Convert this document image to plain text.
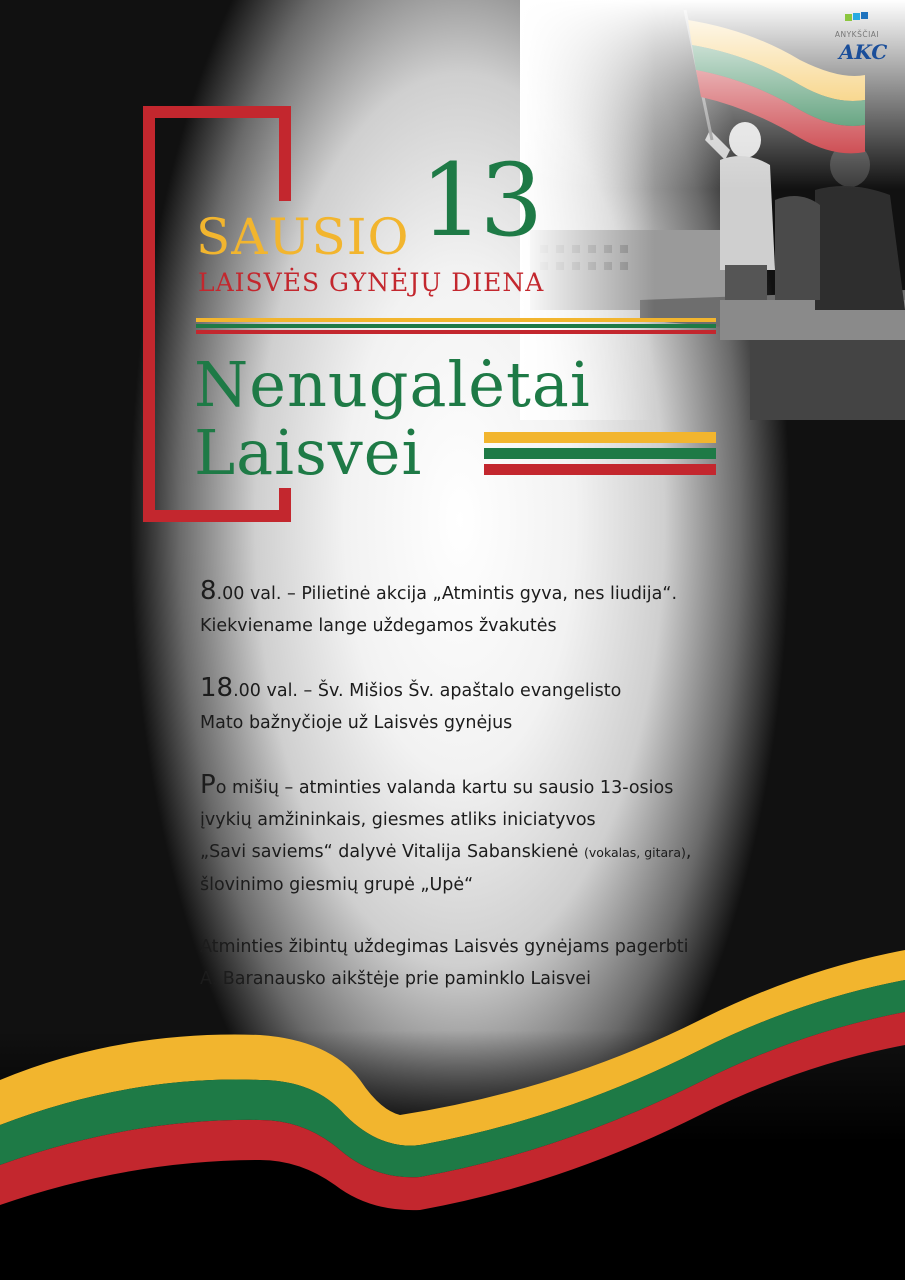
ANYKŠČIAI
AKC
SAUSIO 13
LAISVĖS GYNĖJŲ DIENA
Nenugalėtai
Laisvei

8.00 val. – Pilietinė akcija „Atmintis gyva, nes liudija“.
Kiekviename lange uždegamos žvakutės

18.00 val. – Šv. Mišios Šv. apaštalo evangelisto
Mato bažnyčioje už Laisvės gynėjus

Po mišių – atminties valanda kartu su sausio 13-osios
įvykių amžininkais, giesmes atliks iniciatyvos
„Savi saviems“ dalyvė Vitalija Sabanskienė (vokalas, gitara),
šlovinimo giesmių grupė „Upė“

Atminties žibintų uždegimas Laisvės gynėjams pagerbti
A. Baranausko aikštėje prie paminklo Laisvei
